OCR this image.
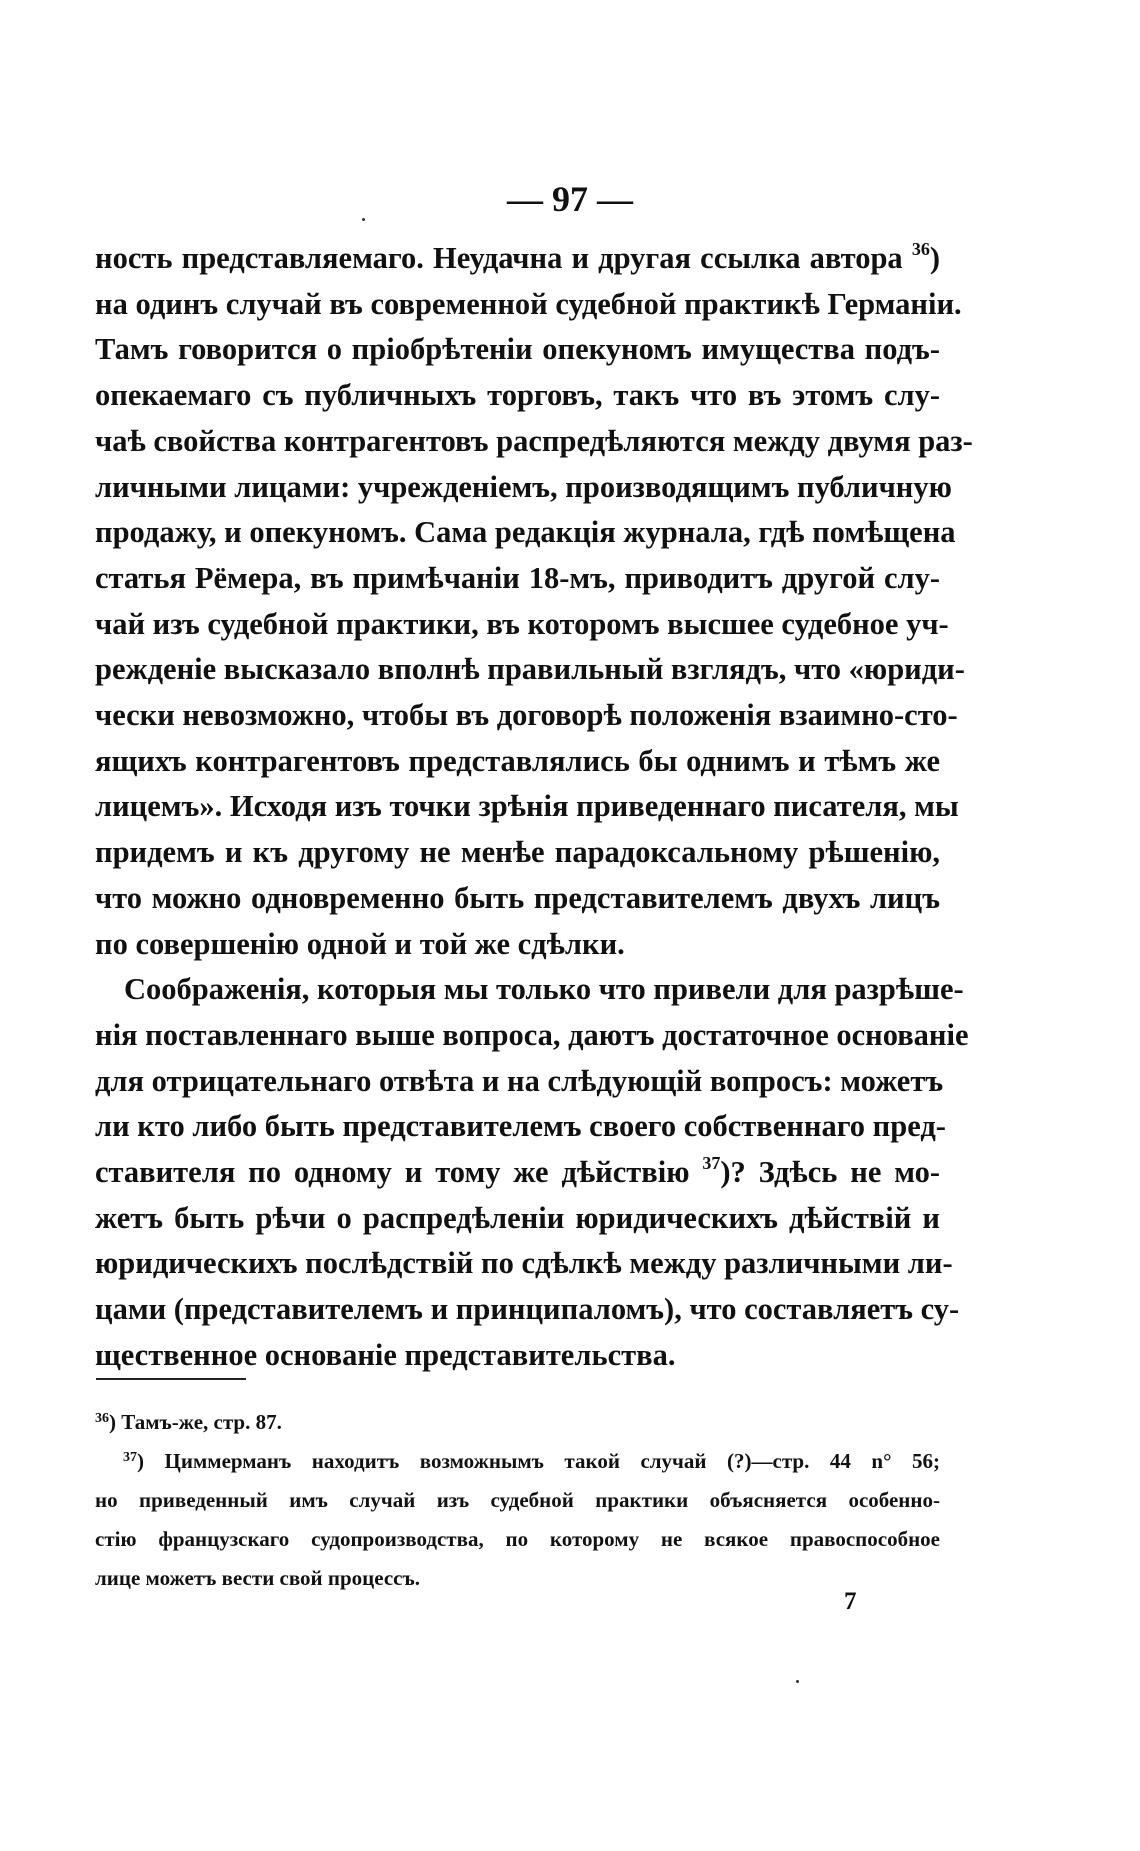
— 97 —
ность представляемаго. Неудачна и другая ссылка автора $^{36}$)
на одинъ случай въ современной судебной практикѣ Германіи.
Тамъ говорится о пріобрѣтеніи опекуномъ имущества подъ-
опекаемаго съ публичныхъ торговъ, такъ что въ этомъ слу-
чаѣ свойства контрагентовъ распредѣляются между двумя раз-
личными лицами: учрежденіемъ, производящимъ публичную
продажу, и опекуномъ. Сама редакція журнала, гдѣ помѣщена
статья Рёмера, въ примѣчаніи 18-мъ, приводитъ другой слу-
чай изъ судебной практики, въ которомъ высшее судебное уч-
режденіе высказало вполнѣ правильный взглядъ, что «юриди-
чески невозможно, чтобы въ договорѣ положенія взаимно-сто-
ящихъ контрагентовъ представлялись бы однимъ и тѣмъ же
лицемъ». Исходя изъ точки зрѣнія приведеннаго писателя, мы
придемъ и къ другому не менѣе парадоксальному рѣшенію,
что можно одновременно быть представителемъ двухъ лицъ
по совершенію одной и той же сдѣлки.
Соображенія, которыя мы только что привели для разрѣше-
нія поставленнаго выше вопроса, даютъ достаточное основаніе
для отрицательнаго отвѣта и на слѣдующій вопросъ: можетъ
ли кто либо быть представителемъ своего собственнаго пред-
ставителя по одному и тому же дѣйствію $^{37}$)? Здѣсь не мо-
жетъ быть рѣчи о распредѣленіи юридическихъ дѣйствій и
юридическихъ послѣдствій по сдѣлкѣ между различными ли-
цами (представителемъ и принципаломъ), что составляетъ су-
щественное основаніе представительства.
$^{36}$) Тамъ-же, стр. 87.
$^{37}$) Циммерманъ находитъ возможнымъ такой случай (?)—стр. 44 n° 56;
но приведенный имъ случай изъ судебной практики объясняется особенно-
стію французскаго судопроизводства, по которому не всякое правоспособное
лице можетъ вести свой процессъ.
7
